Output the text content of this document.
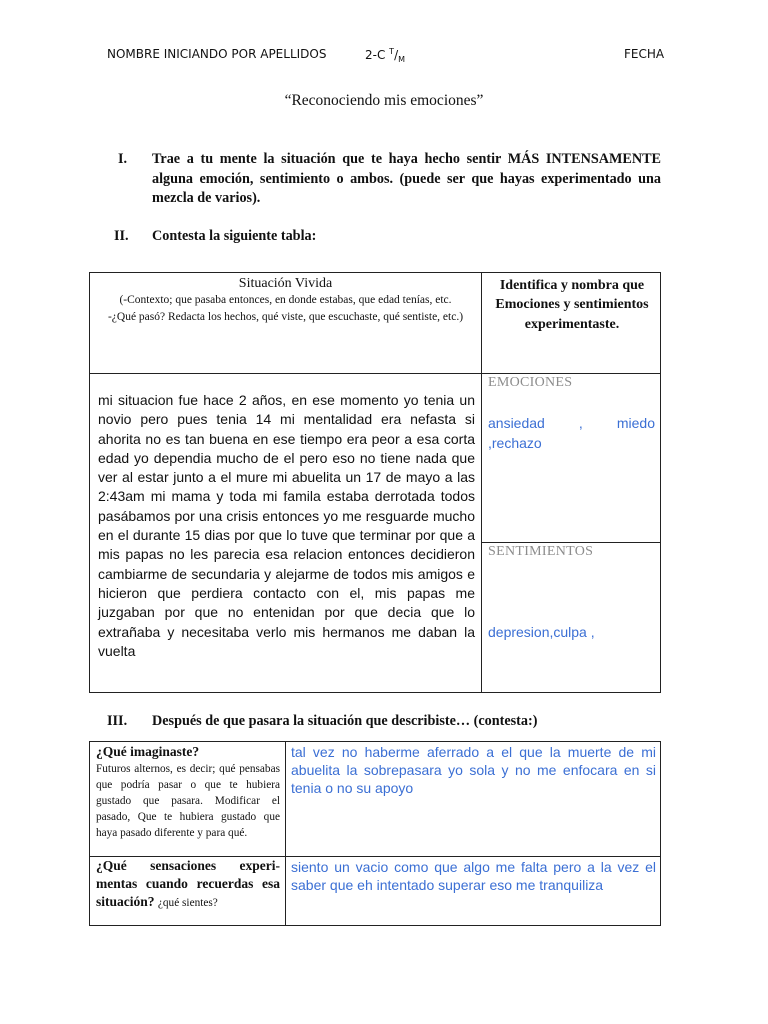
NOMBRE INICIANDO POR APELLIDOS	2-C $^T/_M$	FECHA
“Reconociendo mis emociones”
I. Trae a tu mente la situación que te haya hecho sentir MÁS INTENSAMENTE alguna emoción, sentimiento o ambos. (puede ser que hayas experimentado una mezcla de varios).
II. Contesta la siguiente tabla:
Situación Vivida
(-Contexto; que pasaba entonces, en donde estabas, que edad tenías, etc.
-¿Qué pasó? Redacta los hechos, qué viste, que escuchaste, qué sentiste, etc.)
Identifica y nombra que Emociones y sentimientos experimentaste.
mi situacion fue hace 2 años, en ese momento yo tenia un novio pero pues tenia 14 mi mentalidad era nefasta si ahorita no es tan buena en ese tiempo era peor a esa corta edad yo dependia mucho de el pero eso no tiene nada que ver al estar junto a el mure mi abuelita un 17 de mayo a las 2:43am mi mama y toda mi famila estaba derrotada todos pasábamos por una crisis entonces yo me resguarde mucho en el durante 15 dias por que lo tuve que terminar por que a mis papas no les parecia esa relacion entonces decidieron cambiarme de secundaria y alejarme de todos mis amigos e hicieron que perdiera contacto con el, mis papas me juzgaban por que no entenidan por que decia que lo extrañaba y necesitaba verlo mis hermanos me daban la vuelta
EMOCIONES
ansiedad , miedo
,rechazo
SENTIMIENTOS
depresion,culpa ,
III. Después de que pasara la situación que describiste… (contesta:)
¿Qué imaginaste?
Futuros alternos, es decir; qué pensabas que podría pasar o que te hubiera gustado que pasara. Modificar el pasado, Que te hubiera gustado que haya pasado diferente y para qué.
tal vez no haberme aferrado a el que la muerte de mi abuelita la sobrepasara yo sola y no me enfocara en si tenia o no su apoyo
¿Qué sensaciones experi-mentas cuando recuerdas esa situación? ¿qué sientes?
siento un vacio como que algo me falta pero a la vez el saber que eh intentado superar eso me tranquiliza
